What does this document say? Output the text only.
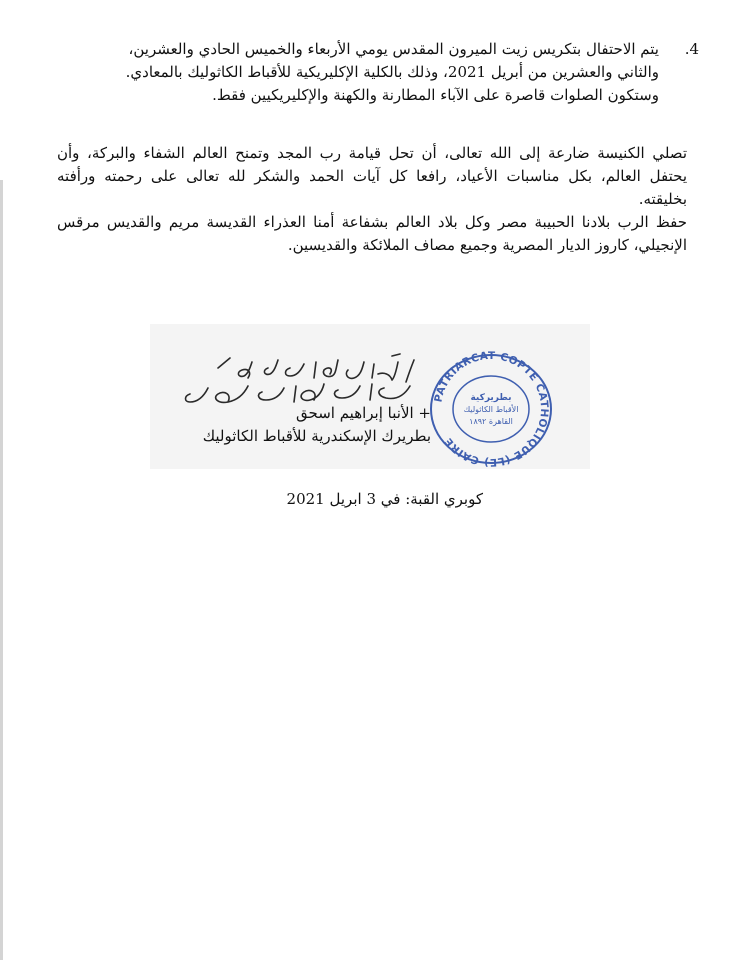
.4
يتم الاحتفال بتكريس زيت الميرون المقدس يومي الأربعاء والخميس الحادي والعشرين،
والثاني والعشرين من أبريل 2021، وذلك بالكلية الإكليريكية للأقباط الكاثوليك بالمعادي.
وستكون الصلوات قاصرة على الآباء المطارنة والكهنة والإكليريكيين فقط.
تصلي الكنيسة ضارعة إلى الله تعالى، أن تحل قيامة رب المجد وتمنح العالم الشفاء والبركة، وأن
يحتفل العالم، بكل مناسبات الأعياد، رافعا كل آيات الحمد والشكر لله تعالى على رحمته ورأفته
بخليقته.
حفظ الرب بلادنا الحبيبة مصر وكل بلاد العالم بشفاعة أمنا العذراء القديسة مريم والقديس مرقس
الإنجيلي، كاروز الديار المصرية وجميع مصاف الملائكة والقديسين.
+ الأنبا إبراهيم اسحق
بطريرك الإسكندرية للأقباط الكاثوليك
PATRIARCAT COPTE CATHOLIQUE (LE) CAIRE
بطريركية
الأقباط الكاثوليك
القاهرة ١٨٩٢
كوبري القبة: في 3 ابريل 2021
